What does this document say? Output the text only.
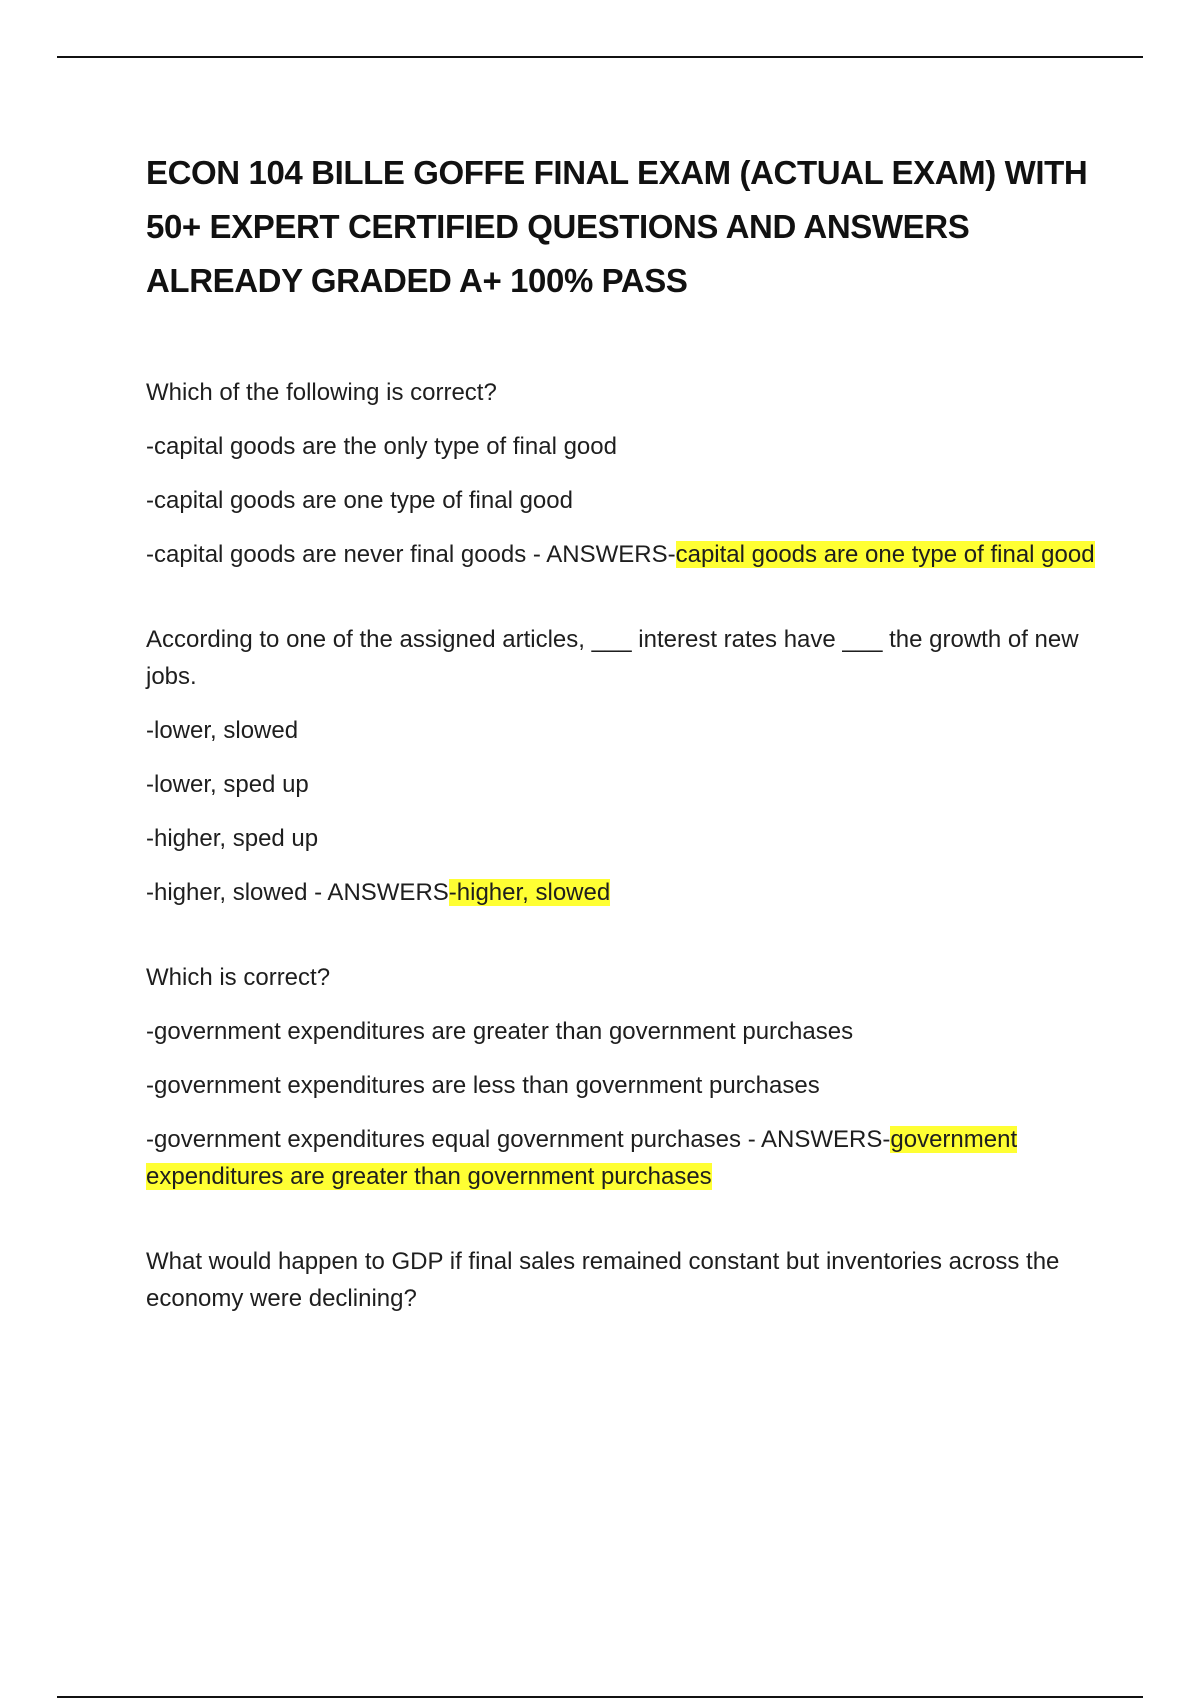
ECON 104 BILLE GOFFE FINAL EXAM (ACTUAL EXAM) WITH 50+ EXPERT CERTIFIED QUESTIONS AND ANSWERS ALREADY GRADED A+ 100% PASS

Which of the following is correct?

-capital goods are the only type of final good

-capital goods are one type of final good

-capital goods are never final goods - ANSWERS-capital goods are one type of final good

According to one of the assigned articles, ___ interest rates have ___ the growth of new jobs.

-lower, slowed

-lower, sped up

-higher, sped up

-higher, slowed - ANSWERS-higher, slowed

Which is correct?

-government expenditures are greater than government purchases

-government expenditures are less than government purchases

-government expenditures equal government purchases - ANSWERS-government expenditures are greater than government purchases

What would happen to GDP if final sales remained constant but inventories across the economy were declining?
